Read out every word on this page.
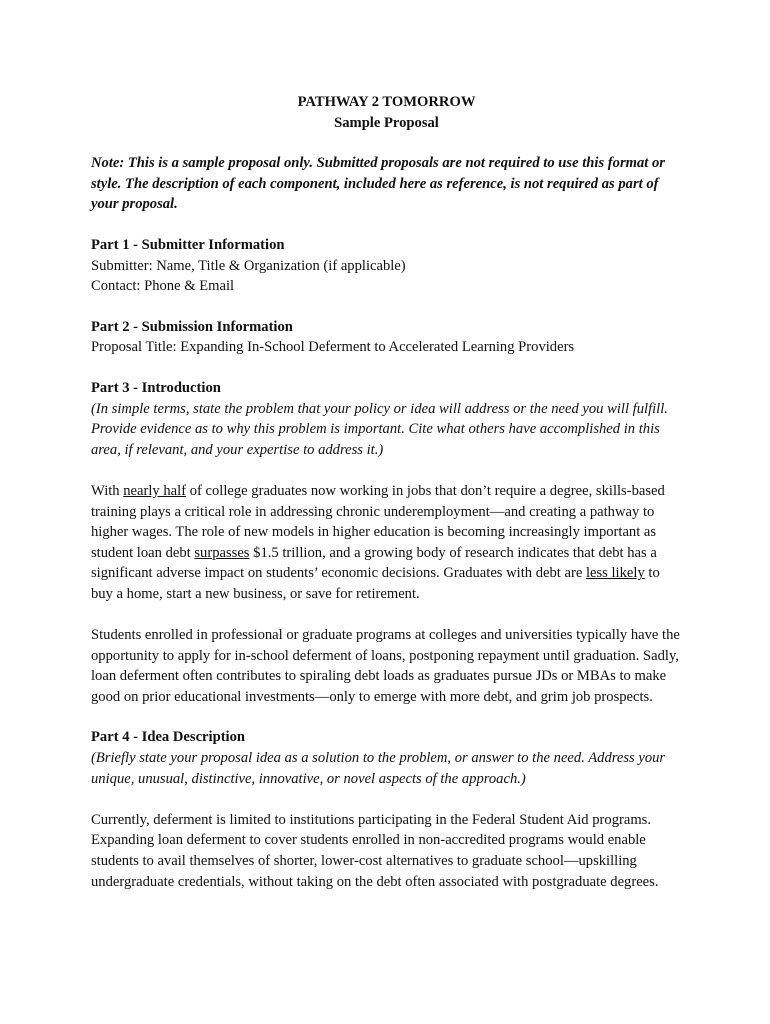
PATHWAY 2 TOMORROW

Sample Proposal

Note: This is a sample proposal only. Submitted proposals are not required to use this format or style. The description of each component, included here as reference, is not required as part of your proposal.

Part 1 - Submitter Information

Submitter: Name, Title & Organization (if applicable)

Contact: Phone & Email

Part 2 - Submission Information

Proposal Title: Expanding In-School Deferment to Accelerated Learning Providers

Part 3 - Introduction

(In simple terms, state the problem that your policy or idea will address or the need you will fulfill. Provide evidence as to why this problem is important. Cite what others have accomplished in this area, if relevant, and your expertise to address it.)

With nearly half of college graduates now working in jobs that don’t require a degree, skills-based training plays a critical role in addressing chronic underemployment—and creating a pathway to higher wages. The role of new models in higher education is becoming increasingly important as student loan debt surpasses $1.5 trillion, and a growing body of research indicates that debt has a significant adverse impact on students’ economic decisions. Graduates with debt are less likely to buy a home, start a new business, or save for retirement.

Students enrolled in professional or graduate programs at colleges and universities typically have the opportunity to apply for in-school deferment of loans, postponing repayment until graduation. Sadly, loan deferment often contributes to spiraling debt loads as graduates pursue JDs or MBAs to make good on prior educational investments—only to emerge with more debt, and grim job prospects.

Part 4 - Idea Description

(Briefly state your proposal idea as a solution to the problem, or answer to the need. Address your unique, unusual, distinctive, innovative, or novel aspects of the approach.)

Currently, deferment is limited to institutions participating in the Federal Student Aid programs. Expanding loan deferment to cover students enrolled in non-accredited programs would enable students to avail themselves of shorter, lower-cost alternatives to graduate school—upskilling undergraduate credentials, without taking on the debt often associated with postgraduate degrees.
